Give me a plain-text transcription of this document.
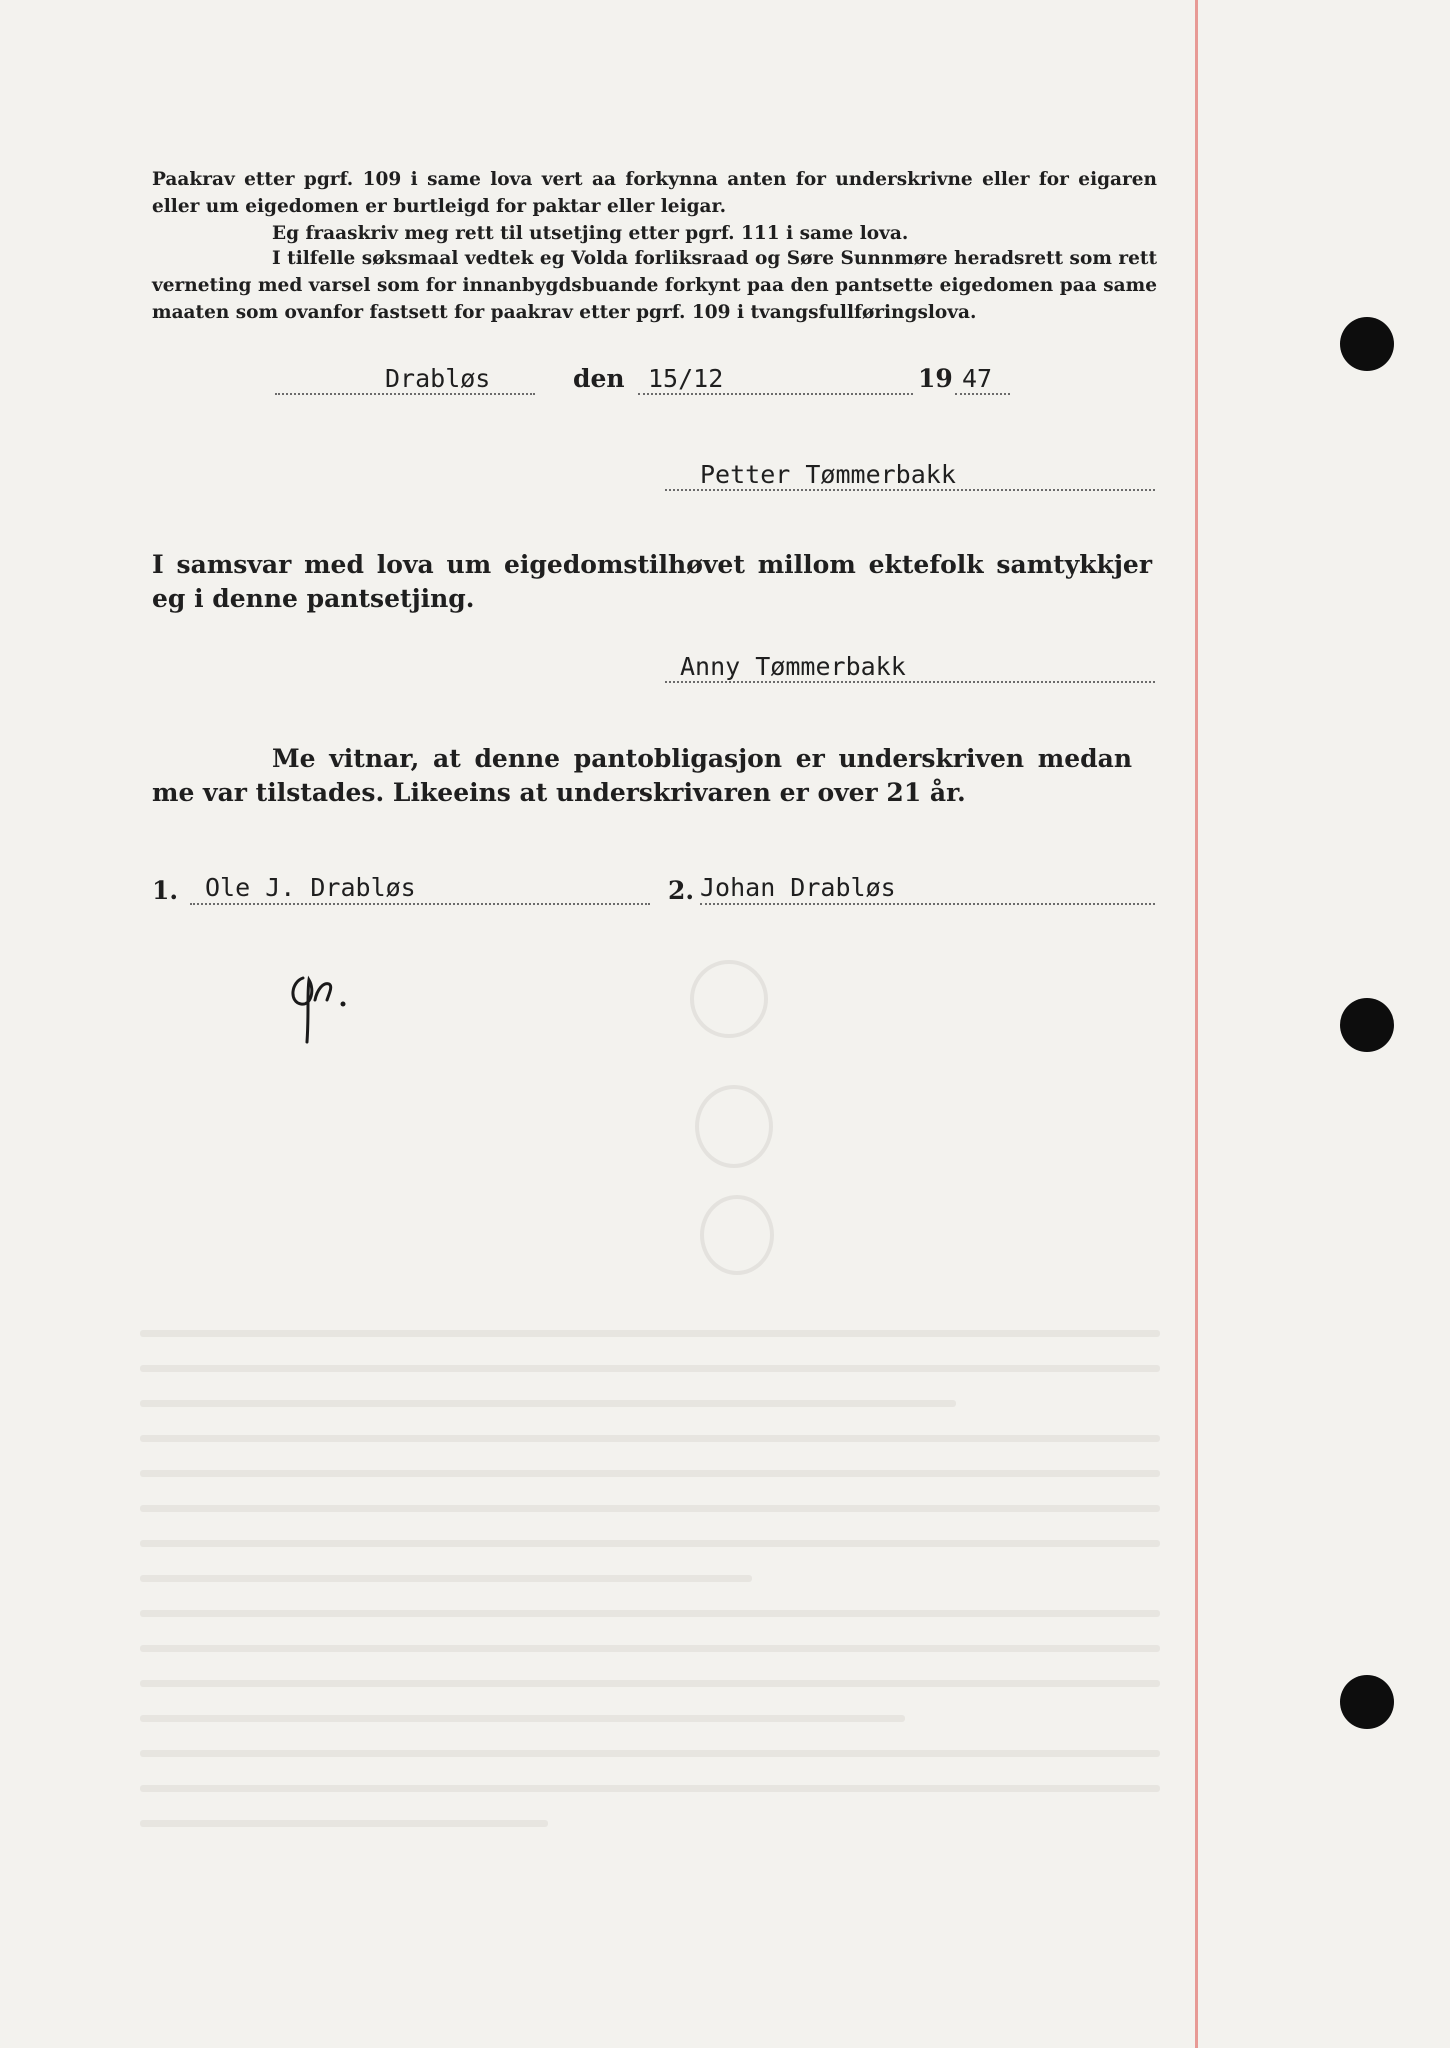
Paakrav etter pgrf. 109 i same lova vert aa forkynna anten for underskrivne eller for eigaren eller um eigedomen er burtleigd for paktar eller leigar.

Eg fraaskriv meg rett til utsetjing etter pgrf. 111 i same lova.

I tilfelle søksmaal vedtek eg Volda forliksraad og Søre Sunnmøre heradsrett som rett verneting med varsel som for innanbygdsbuande forkynt paa den pantsette eigedomen paa same maaten som ovanfor fastsett for paakrav etter pgrf. 109 i tvangsfullføringslova.

Drabløs	den 15/12	19 47
Petter Tømmerbakk

I samsvar med lova um eigedomstilhøvet millom ektefolk samtykkjer eg i denne pantsetjing.

Anny Tømmerbakk

Me vitnar, at denne pantobligasjon er underskriven medan me var tilstades. Likeeins at underskrivaren er over 21 år.

1. Ole J. Drabløs	2. Johan Drabløs
